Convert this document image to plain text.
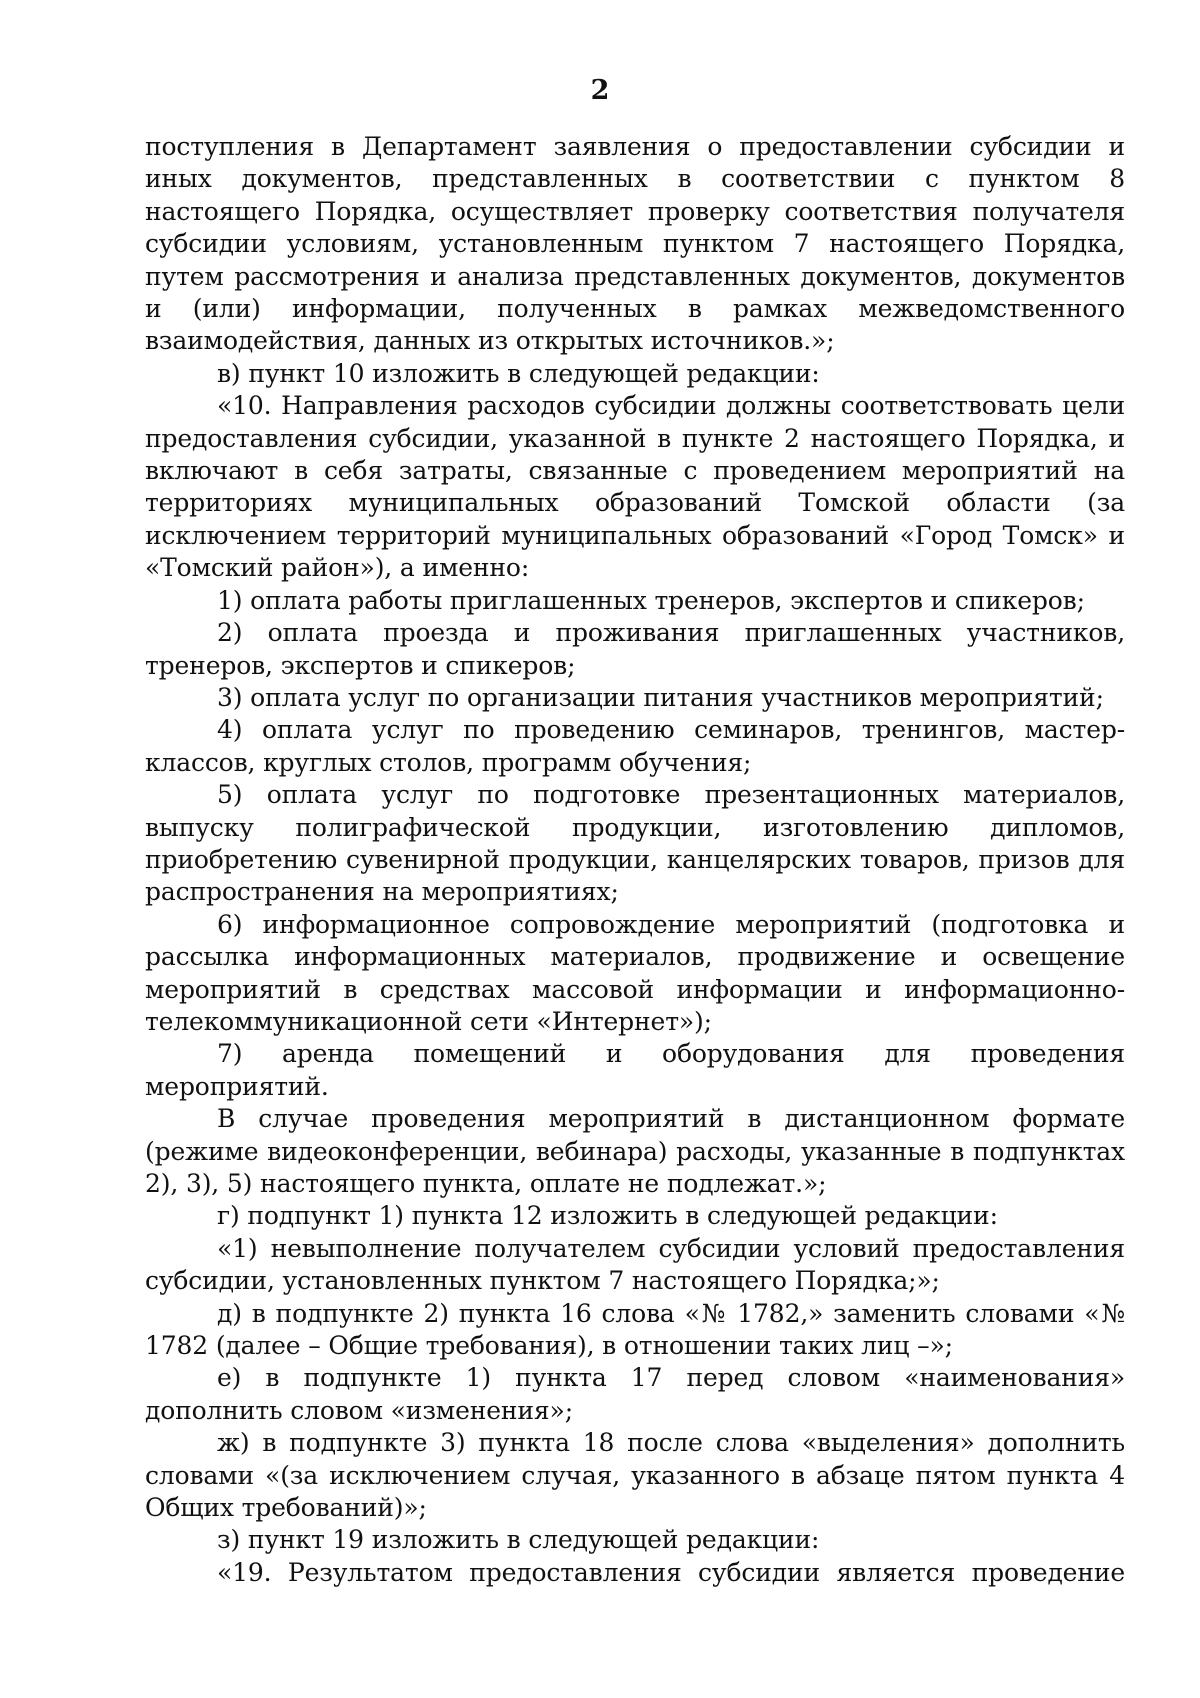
2

поступления в Департамент заявления о предоставлении субсидии и иных документов, представленных в соответствии с пунктом 8 настоящего Порядка, осуществляет проверку соответствия получателя субсидии условиям, установленным пунктом 7 настоящего Порядка, путем рассмотрения и анализа представленных документов, документов и (или) информации, полученных в рамках межведомственного взаимодействия, данных из открытых источников.»;

в) пункт 10 изложить в следующей редакции:

«10. Направления расходов субсидии должны соответствовать цели предоставления субсидии, указанной в пункте 2 настоящего Порядка, и включают в себя затраты, связанные с проведением мероприятий на территориях муниципальных образований Томской области (за исключением территорий муниципальных образований «Город Томск» и «Томский район»), а именно:

1) оплата работы приглашенных тренеров, экспертов и спикеров;

2) оплата проезда и проживания приглашенных участников, тренеров, экспертов и спикеров;

3) оплата услуг по организации питания участников мероприятий;

4) оплата услуг по проведению семинаров, тренингов, мастер-классов, круглых столов, программ обучения;

5) оплата услуг по подготовке презентационных материалов, выпуску полиграфической продукции, изготовлению дипломов, приобретению сувенирной продукции, канцелярских товаров, призов для распространения на мероприятиях;

6) информационное сопровождение мероприятий (подготовка и рассылка информационных материалов, продвижение и освещение мероприятий в средствах массовой информации и информационно-телекоммуникационной сети «Интернет»);

7) аренда помещений и оборудования для проведения мероприятий.

В случае проведения мероприятий в дистанционном формате (режиме видеоконференции, вебинара) расходы, указанные в подпунктах 2), 3), 5) настоящего пункта, оплате не подлежат.»;

г) подпункт 1) пункта 12 изложить в следующей редакции:

«1) невыполнение получателем субсидии условий предоставления субсидии, установленных пунктом 7 настоящего Порядка;»;

д) в подпункте 2) пункта 16 слова «№ 1782,» заменить словами «№ 1782 (далее – Общие требования), в отношении таких лиц –»;

е) в подпункте 1) пункта 17 перед словом «наименования» дополнить словом «изменения»;

ж) в подпункте 3) пункта 18 после слова «выделения» дополнить словами «(за исключением случая, указанного в абзаце пятом пункта 4 Общих требований)»;

з) пункт 19 изложить в следующей редакции:

«19. Результатом предоставления субсидии является проведение
